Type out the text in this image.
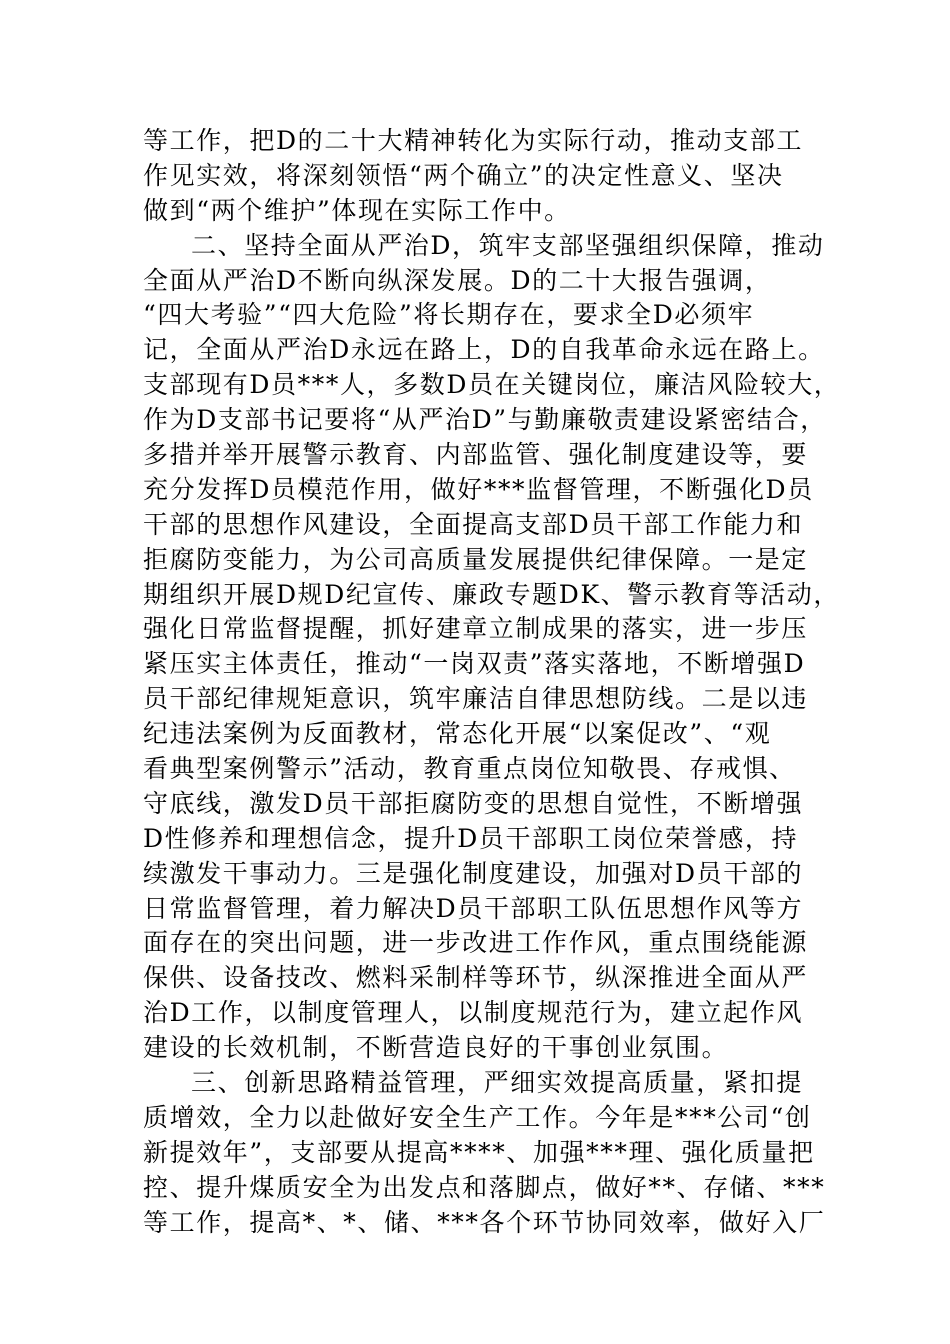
等工作，把D的二十大精神转化为实际行动，推动支部工
作见实效，将深刻领悟“两个确立”的决定性意义、坚决
做到“两个维护”体现在实际工作中。
二、坚持全面从严治D，筑牢支部坚强组织保障，推动
全面从严治D不断向纵深发展。D的二十大报告强调，
“四大考验”“四大危险”将长期存在，要求全D必须牢
记，全面从严治D永远在路上，D的自我革命永远在路上。
支部现有D员***人，多数D员在关键岗位，廉洁风险较大，
作为D支部书记要将“从严治D”与勤廉敬责建设紧密结合，
多措并举开展警示教育、内部监管、强化制度建设等，要
充分发挥D员模范作用，做好***监督管理，不断强化D员
干部的思想作风建设，全面提高支部D员干部工作能力和
拒腐防变能力，为公司高质量发展提供纪律保障。一是定
期组织开展D规D纪宣传、廉政专题DK、警示教育等活动，
强化日常监督提醒，抓好建章立制成果的落实，进一步压
紧压实主体责任，推动“一岗双责”落实落地，不断增强D
员干部纪律规矩意识，筑牢廉洁自律思想防线。二是以违
纪违法案例为反面教材，常态化开展“以案促改”、“观
看典型案例警示”活动，教育重点岗位知敬畏、存戒惧、
守底线，激发D员干部拒腐防变的思想自觉性，不断增强
D性修养和理想信念，提升D员干部职工岗位荣誉感，持
续激发干事动力。三是强化制度建设，加强对D员干部的
日常监督管理，着力解决D员干部职工队伍思想作风等方
面存在的突出问题，进一步改进工作作风，重点围绕能源
保供、设备技改、燃料采制样等环节，纵深推进全面从严
治D工作，以制度管理人，以制度规范行为，建立起作风
建设的长效机制，不断营造良好的干事创业氛围。
三、创新思路精益管理，严细实效提高质量，紧扣提
质增效，全力以赴做好安全生产工作。今年是***公司“创
新提效年”，支部要从提高****、加强***理、强化质量把
控、提升煤质安全为出发点和落脚点，做好**、存储、***
等工作，提高*、*、储、***各个环节协同效率，做好入厂
